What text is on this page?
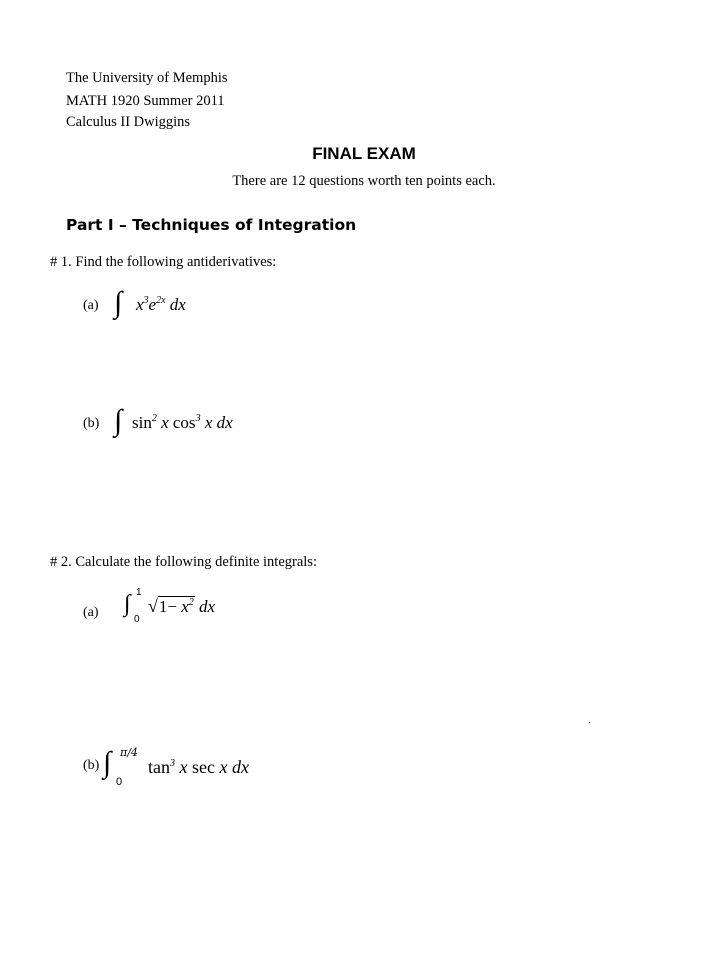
The University of Memphis
MATH 1920 Summer 2011
Calculus II Dwiggins
FINAL EXAM
There are 12 questions worth ten points each.
Part I – Techniques of Integration
# 1. Find the following antiderivatives:
(a) ∫ $x^3e^{2x}$ dx
(b) ∫ $\sin^2 x$ $\cos^3 x$ dx
# 2. Calculate the following definite integrals:
(a) ∫ 1
0
$√1- x^2$ dx
.
(b) ∫ π/4
0
$\tan^3 x$ sec x dx
